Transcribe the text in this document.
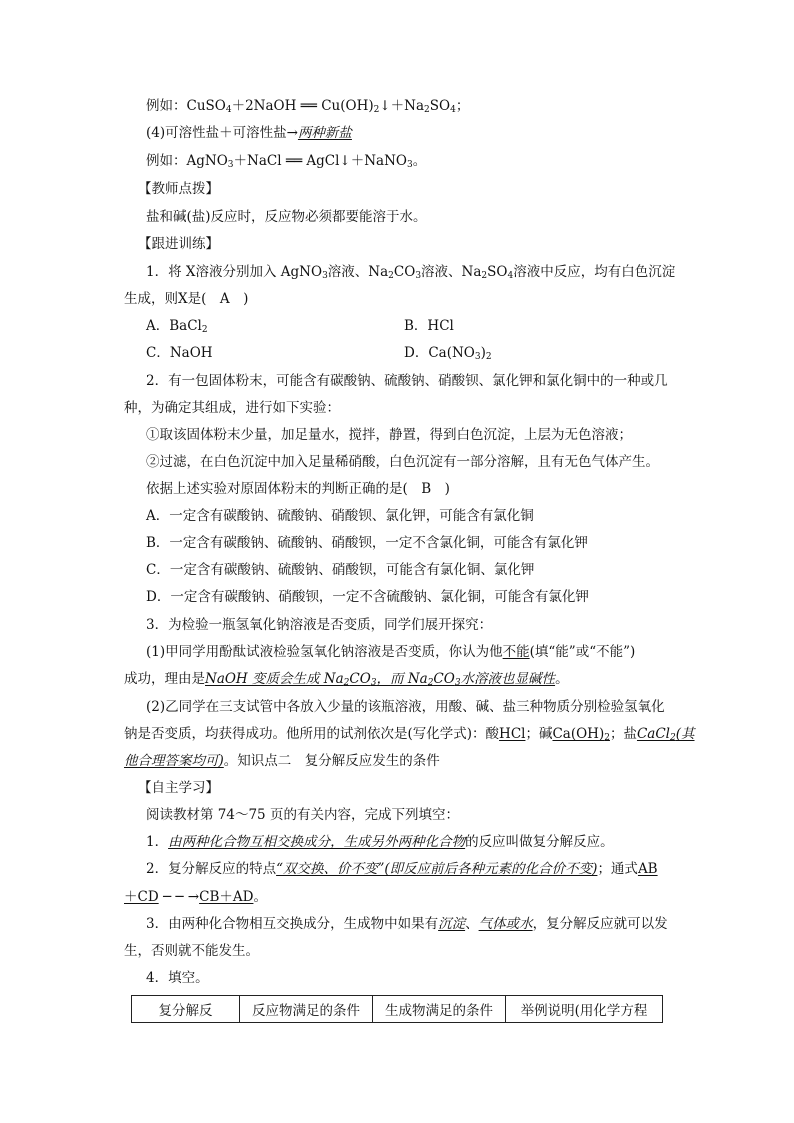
例如：CuSO$_4$＋2NaOH ══ $Cu(OH)_2↓+Na_2SO_4$；
(4)可溶性盐＋可溶性盐→两种新盐
例如：AgNO$_3$＋NaCl ══ AgCl↓＋NaNO$_3$。
【教师点拨】
盐和碱(盐)反应时，反应物必须都要能溶于水。
【跟进训练】
1．将 X溶液分别加入 AgNO$_3$溶液、$Na_2CO_3$溶液、$Na_2SO_4$溶液中反应，均有白色沉淀
生成，则X是(　A　)
A．BaCl$_2$	B．HCl
C．NaOH	D．$Ca(NO_3)_2$
2．有一包固体粉末，可能含有碳酸钠、硫酸钠、硝酸钡、氯化钾和氯化铜中的一种或几
种，为确定其组成，进行如下实验：
①取该固体粉末少量，加足量水，搅拌，静置，得到白色沉淀，上层为无色溶液；
②过滤，在白色沉淀中加入足量稀硝酸，白色沉淀有一部分溶解，且有无色气体产生。
依据上述实验对原固体粉末的判断正确的是(　B　)
A．一定含有碳酸钠、硫酸钠、硝酸钡、氯化钾，可能含有氯化铜
B．一定含有碳酸钠、硫酸钠、硝酸钡，一定不含氯化铜，可能含有氯化钾
C．一定含有碳酸钠、硫酸钠、硝酸钡，可能含有氯化铜、氯化钾
D．一定含有碳酸钠、硝酸钡，一定不含硫酸钠、氯化铜，可能含有氯化钾
3．为检验一瓶氢氧化钠溶液是否变质，同学们展开探究：
(1)甲同学用酚酞试液检验氢氧化钠溶液是否变质，你认为他不能(填“能”或“不能”)
成功，理由是NaOH 变质会生成 $Na_2CO_3$，而 $Na_2CO_3$水溶液也显碱性。
(2)乙同学在三支试管中各放入少量的该瓶溶液，用酸、碱、盐三种物质分别检验氢氧化
钠是否变质，均获得成功。他所用的试剂依次是(写化学式)：酸HCl；碱$Ca(OH)_2$；盐CaCl$_2$(其
他合理答案均可)。知识点二　复分解反应发生的条件
【自主学习】
阅读教材第 74～75 页的有关内容，完成下列填空：
1．由两种化合物互相交换成分，生成另外两种化合物的反应叫做复分解反应。
2．复分解反应的特点“双交换、价不变”(即反应前后各种元素的化合价不变)；通式AB
＋CD ─ ─ →CB＋AD。
3．由两种化合物相互交换成分，生成物中如果有沉淀、气体或水，复分解反应就可以发
生，否则就不能发生。
4．填空。
复分解反	反应物满足的条件	生成物满足的条件	举例说明(用化学方程
